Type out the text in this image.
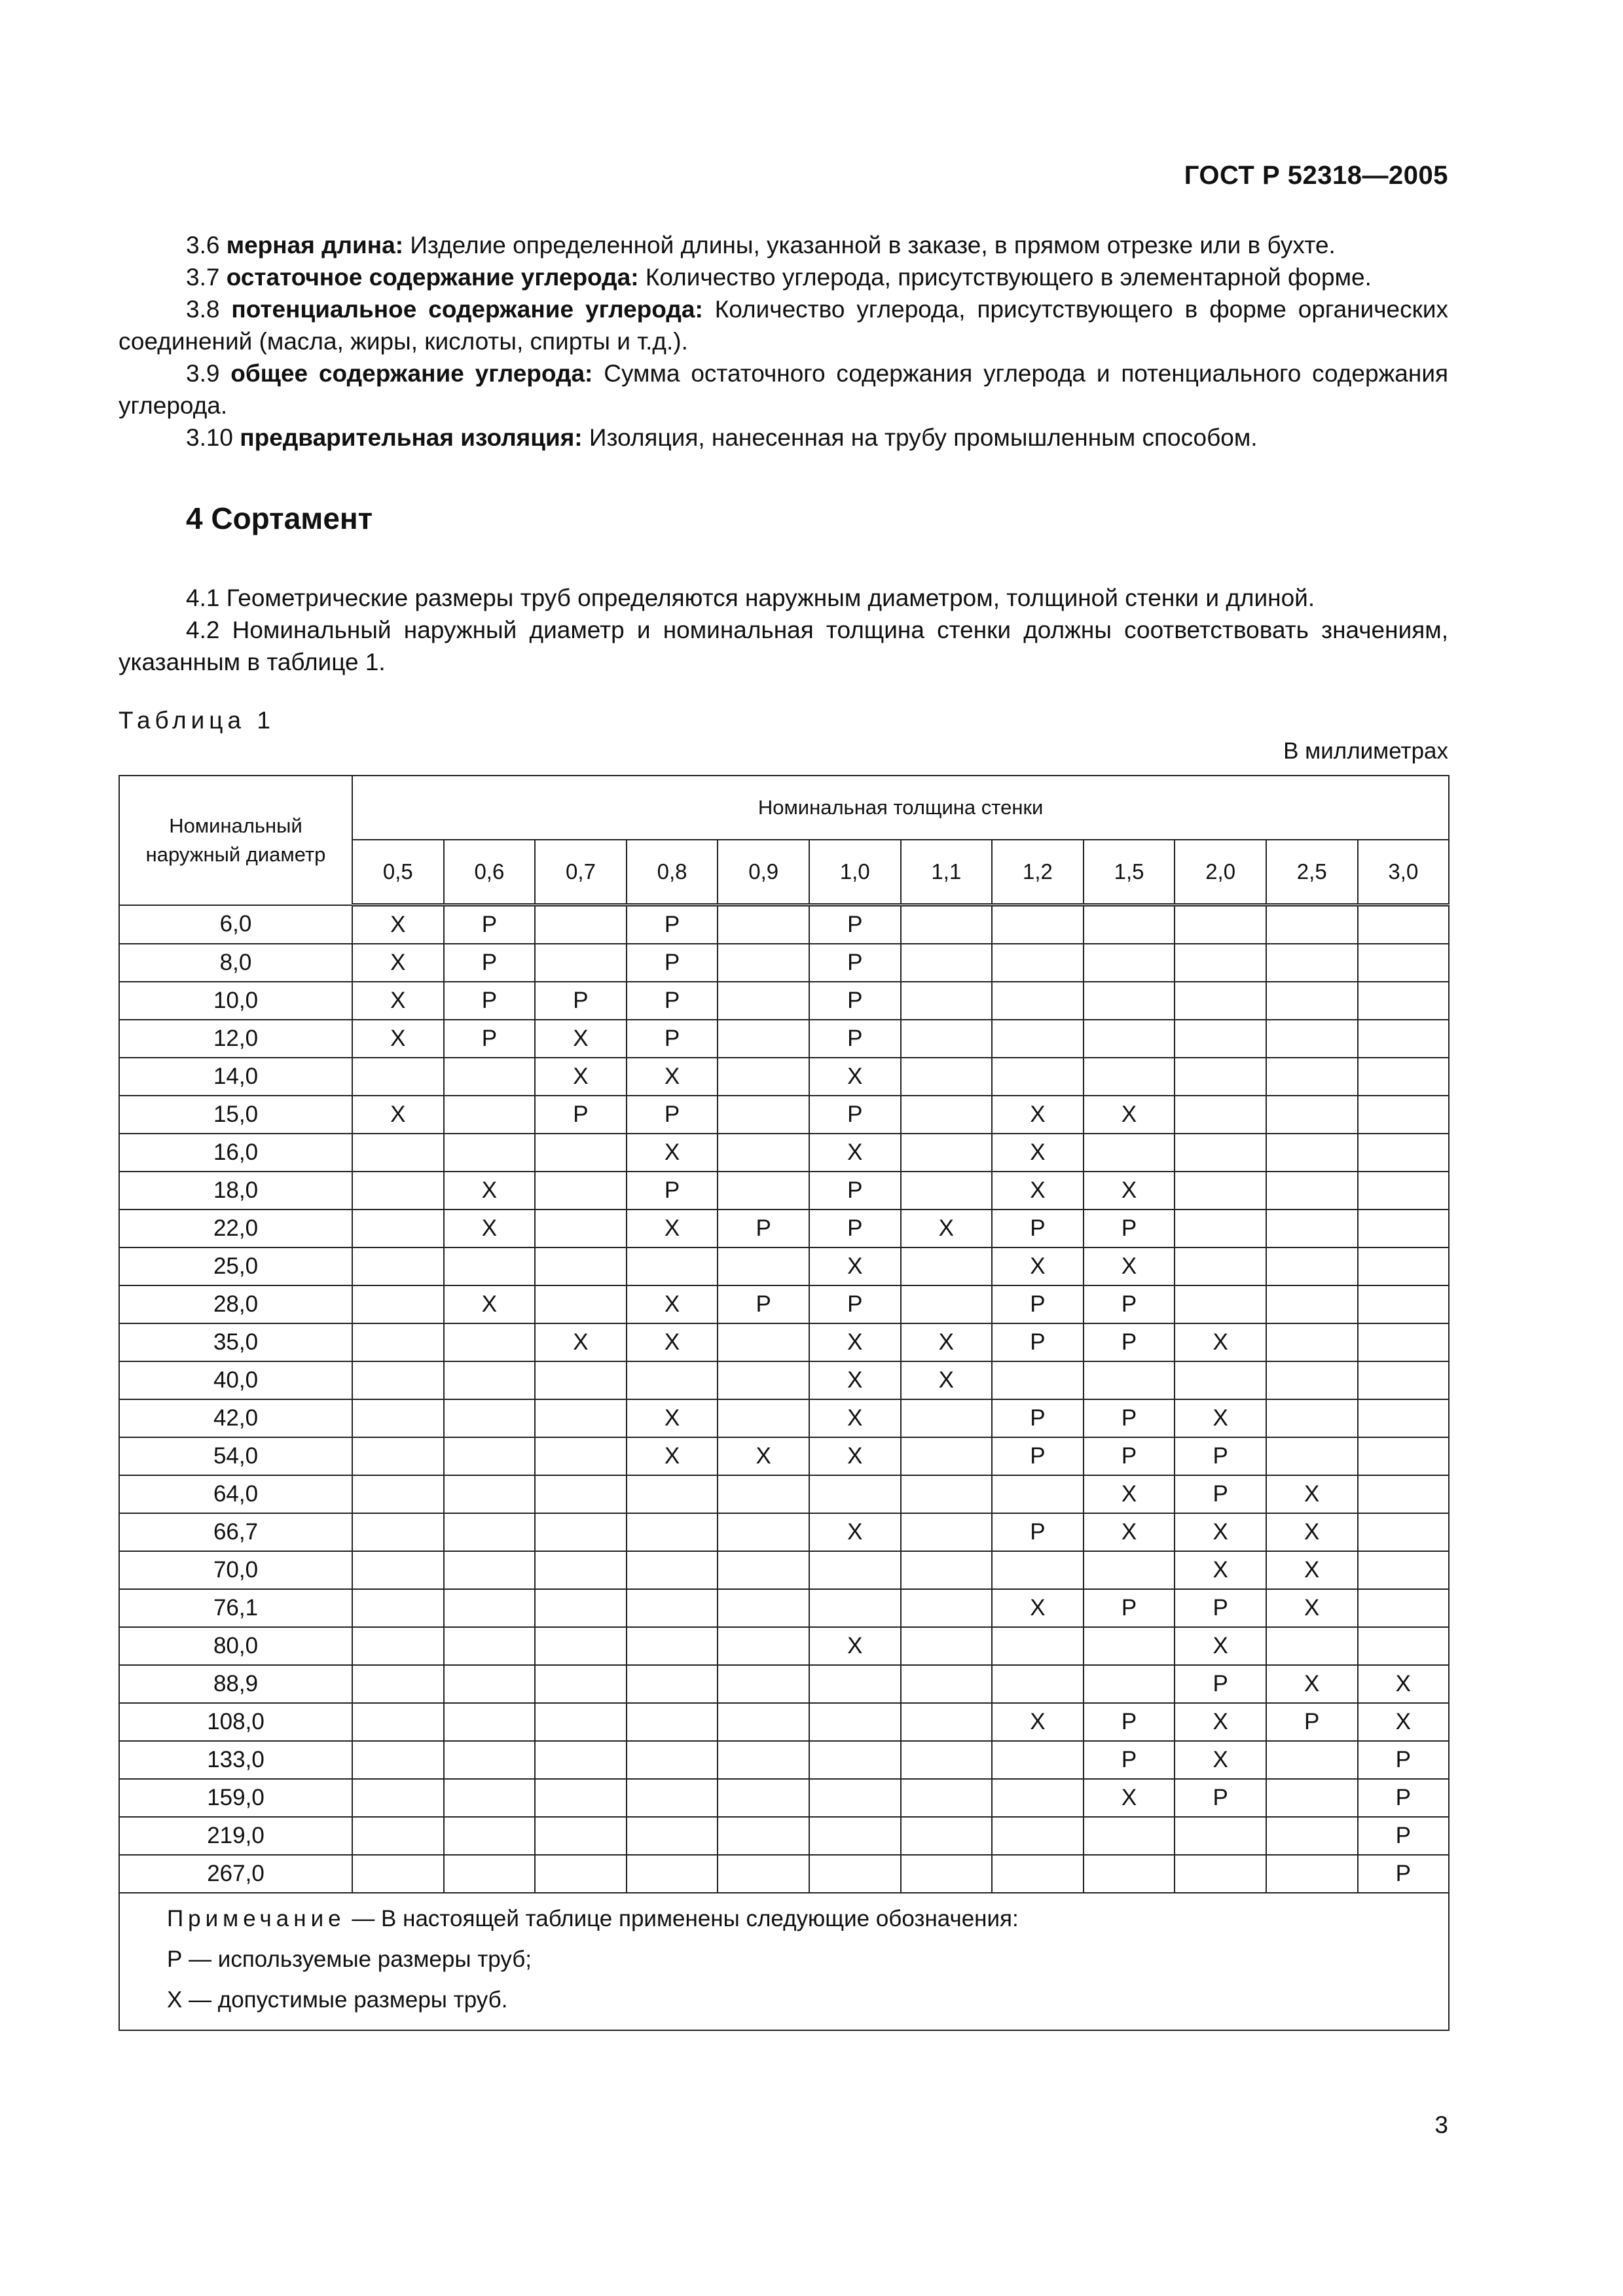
ГОСТ Р 52318—2005

3.6 мерная длина: Изделие определенной длины, указанной в заказе, в прямом отрезке или в бухте.

3.7 остаточное содержание углерода: Количество углерода, присутствующего в элементарной форме.

3.8 потенциальное содержание углерода: Количество углерода, присутствующего в форме органических соединений (масла, жиры, кислоты, спирты и т.д.).

3.9 общее содержание углерода: Сумма остаточного содержания углерода и потенциального содержания углерода.

3.10 предварительная изоляция: Изоляция, нанесенная на трубу промышленным способом.

4 Сортамент

4.1 Геометрические размеры труб определяются наружным диаметром, толщиной стенки и длиной.

4.2 Номинальный наружный диаметр и номинальная толщина стенки должны соответствовать значениям, указанным в таблице 1.

Таблица 1
В миллиметрах
Номинальный наружный диаметр	Номинальная толщина стенки											
	0,5	0,6	0,7	0,8	0,9	1,0	1,1	1,2	1,5	2,0	2,5	3,0
6,0	Х	Р		Р		Р						
8,0	Х	Р		Р		Р						
10,0	Х	Р	Р	Р		Р						
12,0	Х	Р	Х	Р		Р						
14,0			Х	Х		Х						
15,0	Х		Р	Р		Р		Х	Х			
16,0				Х		Х		Х				
18,0		Х		Р		Р		Х	Х			
22,0		Х		Х	Р	Р	Х	Р	Р			
25,0						Х		Х	Х			
28,0		Х		Х	Р	Р		Р	Р			
35,0			Х	Х		Х	Х	Р	Р	Х		
40,0						Х	Х					
42,0				Х		Х		Р	Р	Х		
54,0				Х	Х	Х		Р	Р	Р		
64,0									Х	Р	Х	
66,7						Х		Р	Х	Х	Х	
70,0										Х	Х	
76,1								Х	Р	Р	Х	
80,0						Х				Х		
88,9										Р	Х	Х
108,0								Х	Р	Х	Р	Х
133,0									Р	Х		Р
159,0									Х	Р		Р
219,0												Р
267,0												Р

Примечание — В настоящей таблице применены следующие обозначения:
Р — используемые размеры труб;
Х — допустимые размеры труб.												
3
